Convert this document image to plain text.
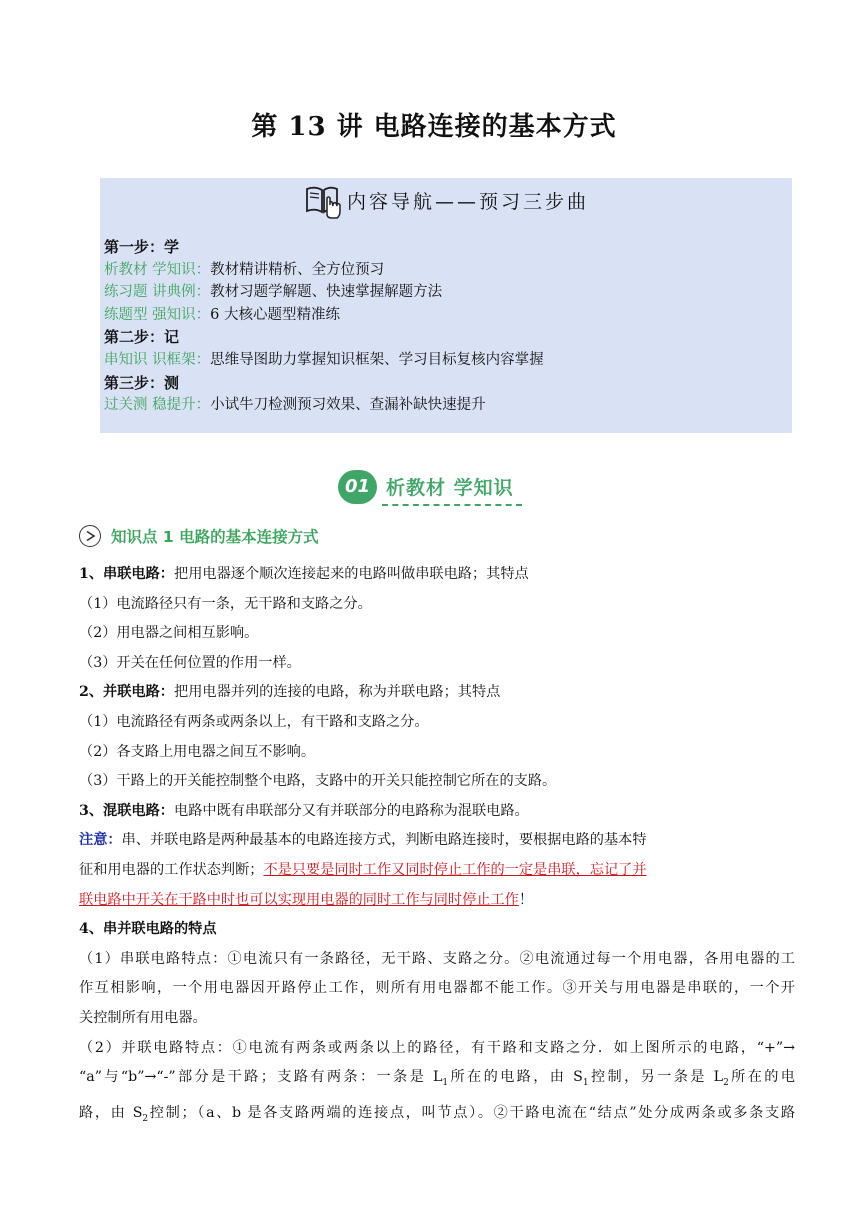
第 13 讲 电路连接的基本方式
内容导航——预习三步曲
第一步：学
析教材 学知识：教材精讲精析、全方位预习
练习题 讲典例：教材习题学解题、快速掌握解题方法
练题型 强知识：6 大核心题型精准练
第二步：记
串知识 识框架：思维导图助力掌握知识框架、学习目标复核内容掌握
第三步：测
过关测 稳提升：小试牛刀检测预习效果、查漏补缺快速提升
01 析教材 学知识
知识点 1 电路的基本连接方式

1、串联电路：把用电器逐个顺次连接起来的电路叫做串联电路；其特点

（1）电流路径只有一条，无干路和支路之分。

（2）用电器之间相互影响。

（3）开关在任何位置的作用一样。

2、并联电路：把用电器并列的连接的电路，称为并联电路；其特点

（1）电流路径有两条或两条以上，有干路和支路之分。

（2）各支路上用电器之间互不影响。

（3）干路上的开关能控制整个电路，支路中的开关只能控制它所在的支路。

3、混联电路：电路中既有串联部分又有并联部分的电路称为混联电路。

注意：串、并联电路是两种最基本的电路连接方式，判断电路连接时，要根据电路的基本特

征和用电器的工作状态判断；不是只要是同时工作又同时停止工作的一定是串联，忘记了并

联电路中开关在干路中时也可以实现用电器的同时工作与同时停止工作！

4、串并联电路的特点

（1）串联电路特点：①电流只有一条路径，无干路、支路之分。②电流通过每一个用电器，各用电器的工

作互相影响，一个用电器因开路停止工作，则所有用电器都不能工作。③开关与用电器是串联的，一个开

关控制所有用电器。

（2）并联电路特点：①电流有两条或两条以上的路径，有干路和支路之分．如上图所示的电路，“+”→

“a”与“b”→“-”部分是干路；支路有两条：一条是 $L_1$所在的电路，由 $S_1$控制，另一条是 $L_2$所在的电

路，由 $S_2$控制；（a、b 是各支路两端的连接点，叫节点）。②干路电流在“结点”处分成两条或多条支路
